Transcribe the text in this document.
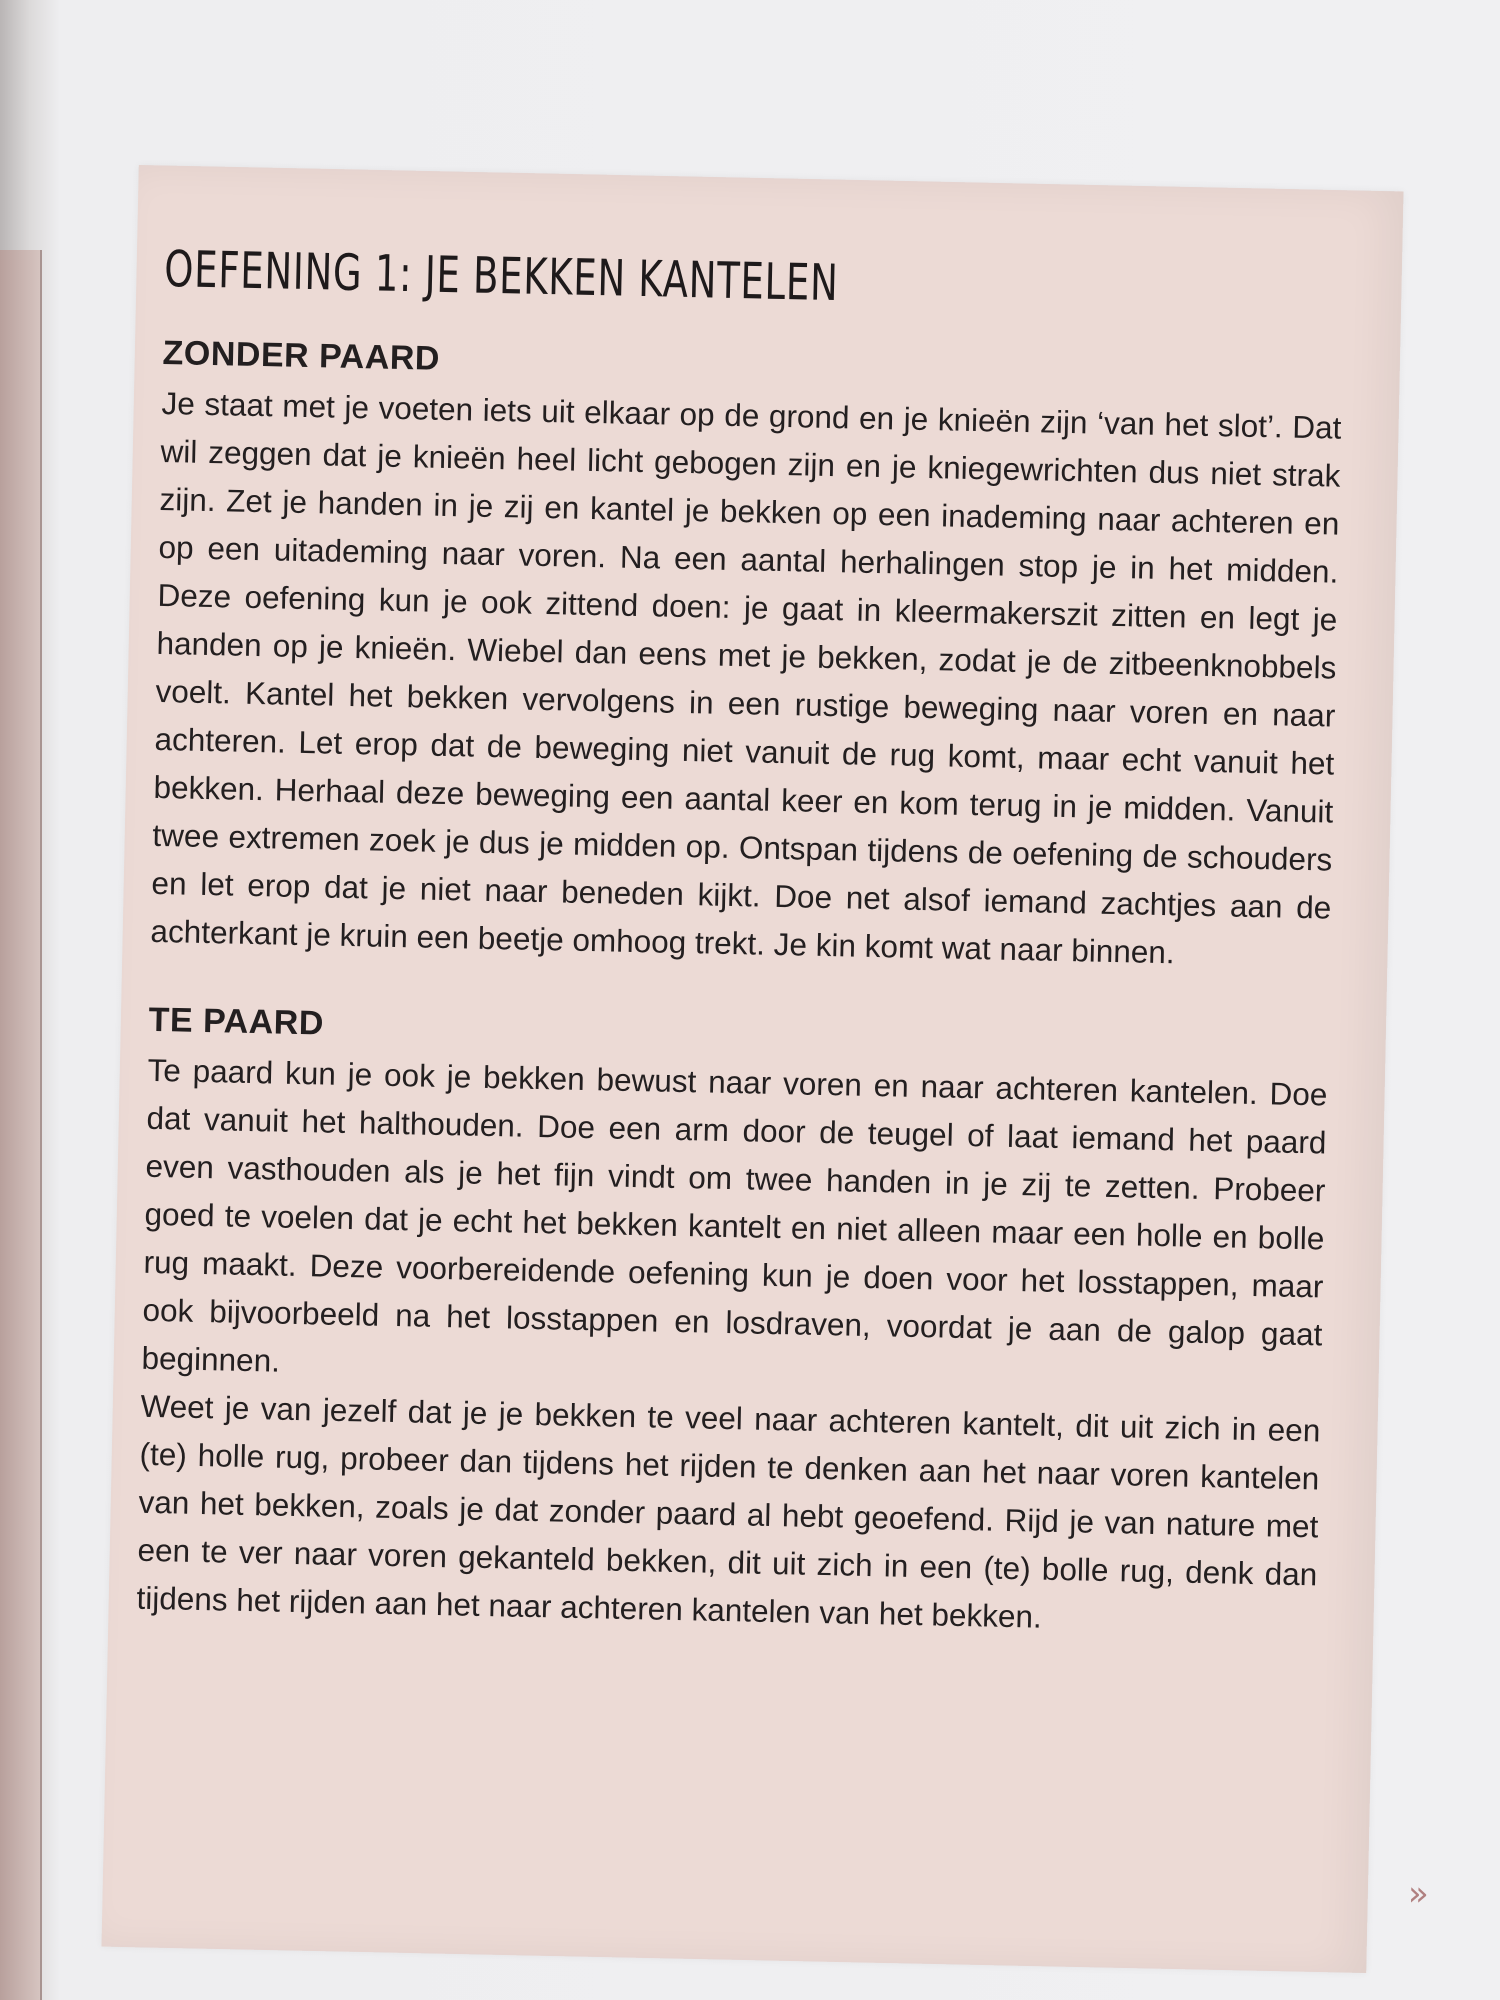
OEFENING 1: JE BEKKEN KANTELEN
ZONDER PAARD

Je staat met je voeten iets uit elkaar op de grond en je knieën zijn ‘van het slot’. Dat wil zeggen dat je knieën heel licht gebogen zijn en je kniegewrichten dus niet strak zijn. Zet je handen in je zij en kantel je bekken op een inademing naar achteren en op een uitademing naar voren. Na een aantal herhalingen stop je in het midden. Deze oefening kun je ook zittend doen: je gaat in kleermakerszit zitten en legt je handen op je knieën. Wiebel dan eens met je bekken, zodat je de zitbeenknobbels voelt. Kantel het bekken vervolgens in een rustige beweging naar voren en naar achteren. Let erop dat de beweging niet vanuit de rug komt, maar echt vanuit het bekken. Herhaal deze beweging een aantal keer en kom terug in je midden. Vanuit twee extremen zoek je dus je midden op. Ontspan tijdens de oefening de schouders en let erop dat je niet naar beneden kijkt. Doe net alsof iemand zachtjes aan de achterkant je kruin een beetje omhoog trekt. Je kin komt wat naar binnen.

TE PAARD

Te paard kun je ook je bekken bewust naar voren en naar achteren kantelen. Doe dat vanuit het halthouden. Doe een arm door de teugel of laat iemand het paard even vasthouden als je het fijn vindt om twee handen in je zij te zetten. Probeer goed te voelen dat je echt het bekken kantelt en niet alleen maar een holle en bolle rug maakt. Deze voorbereidende oefening kun je doen voor het losstappen, maar ook bijvoorbeeld na het losstappen en losdraven, voordat je aan de galop gaat beginnen.

Weet je van jezelf dat je je bekken te veel naar achteren kantelt, dit uit zich in een (te) holle rug, probeer dan tijdens het rijden te denken aan het naar voren kantelen van het bekken, zoals je dat zonder paard al hebt geoefend. Rijd je van nature met een te ver naar voren gekanteld bekken, dit uit zich in een (te) bolle rug, denk dan tijdens het rijden aan het naar achteren kantelen van het bekken.

»
